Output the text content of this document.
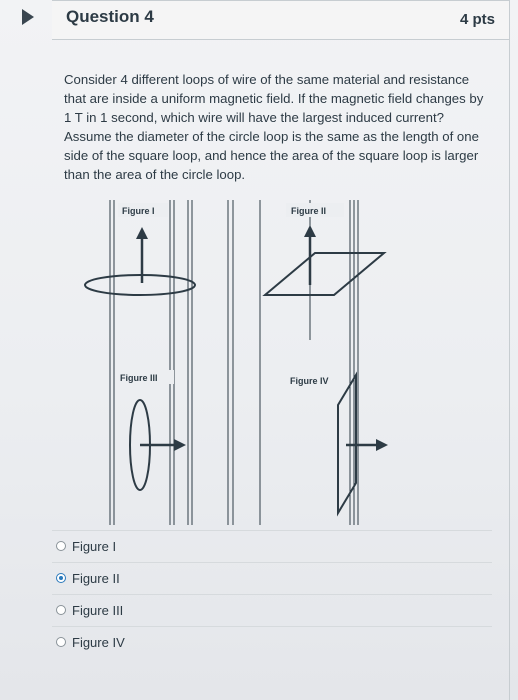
Question 4	4 pts

Consider 4 different loops of wire of the same material and resistance that are inside a uniform magnetic field. If the magnetic field changes by 1 T in 1 second, which wire will have the largest induced current? Assume the diameter of the circle loop is the same as the length of one side of the square loop, and hence the area of the square loop is larger than the area of the circle loop.

Figure I	Figure II
Figure III	Figure IV
Figure I
Figure II
Figure III
Figure IV
